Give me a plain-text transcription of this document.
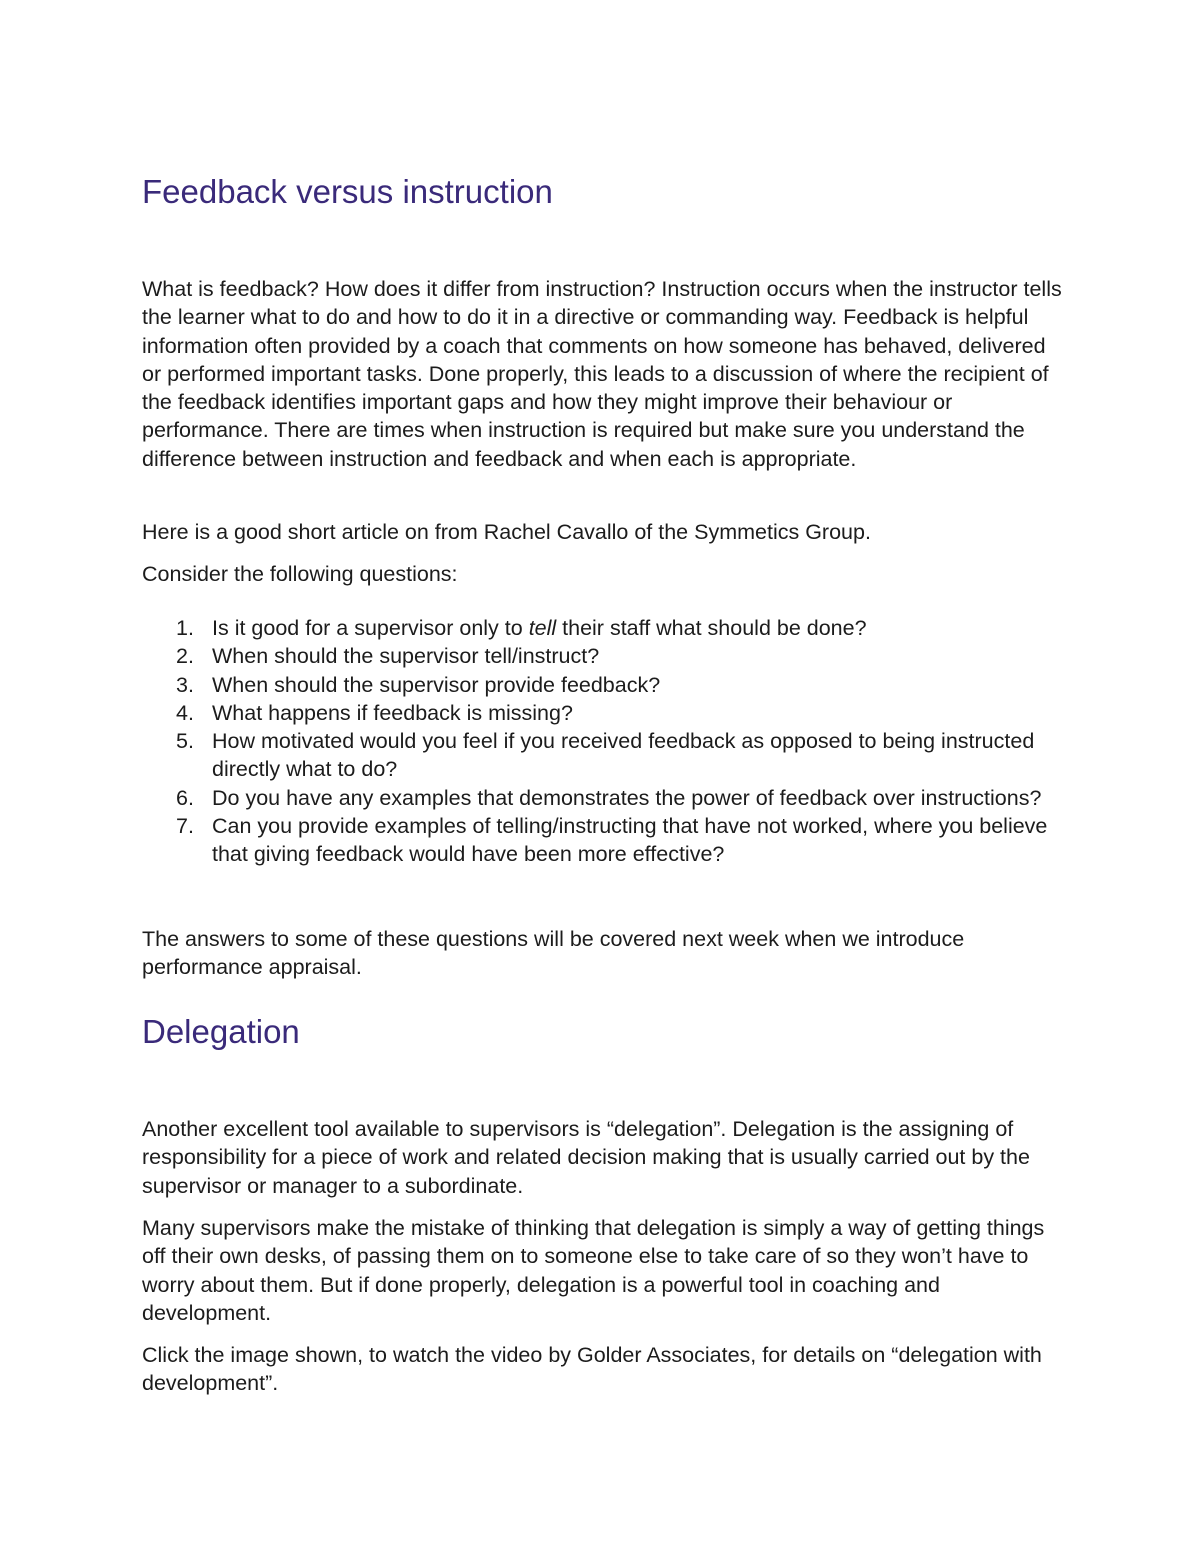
Feedback versus instruction

What is feedback? How does it differ from instruction? Instruction occurs when the instructor tells the learner what to do and how to do it in a directive or commanding way. Feedback is helpful information often provided by a coach that comments on how someone has behaved, delivered or performed important tasks. Done properly, this leads to a discussion of where the recipient of the feedback identifies important gaps and how they might improve their behaviour or performance. There are times when instruction is required but make sure you understand the difference between instruction and feedback and when each is appropriate.

Here is a good short article on from Rachel Cavallo of the Symmetics Group.

Consider the following questions:

1. Is it good for a supervisor only to tell their staff what should be done?
2. When should the supervisor tell/instruct?
3. When should the supervisor provide feedback?
4. What happens if feedback is missing?
5. How motivated would you feel if you received feedback as opposed to being instructed directly what to do?
6. Do you have any examples that demonstrates the power of feedback over instructions?
7. Can you provide examples of telling/instructing that have not worked, where you believe that giving feedback would have been more effective?

The answers to some of these questions will be covered next week when we introduce performance appraisal.

Delegation

Another excellent tool available to supervisors is “delegation”. Delegation is the assigning of responsibility for a piece of work and related decision making that is usually carried out by the supervisor or manager to a subordinate.

Many supervisors make the mistake of thinking that delegation is simply a way of getting things off their own desks, of passing them on to someone else to take care of so they won’t have to worry about them. But if done properly, delegation is a powerful tool in coaching and development.

Click the image shown, to watch the video by Golder Associates, for details on “delegation with development”.
